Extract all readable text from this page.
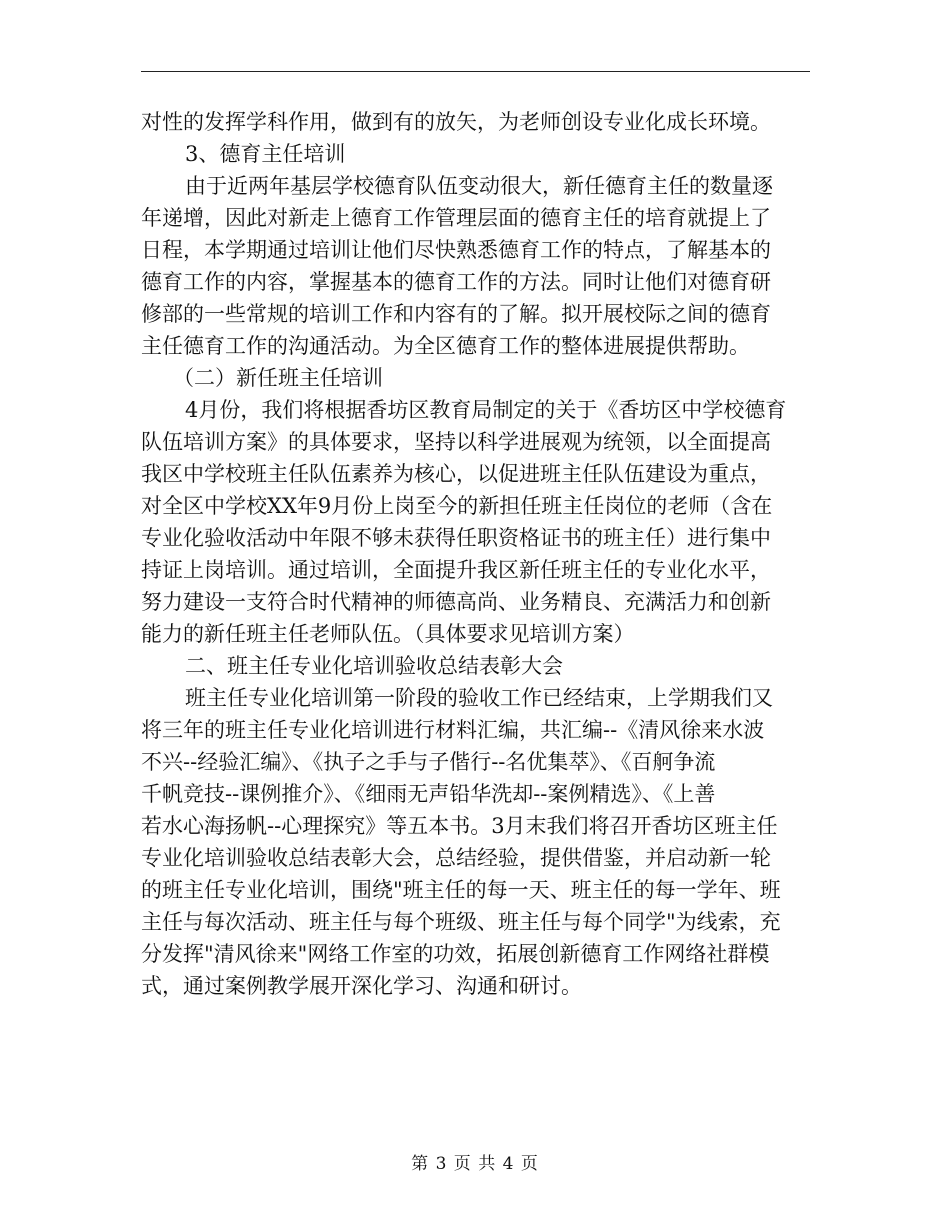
对性的发挥学科作用，做到有的放矢，为老师创设专业化成长环境。
3、德育主任培训
由于近两年基层学校德育队伍变动很大，新任德育主任的数量逐
年递增，因此对新走上德育工作管理层面的德育主任的培育就提上了
日程，本学期通过培训让他们尽快熟悉德育工作的特点，了解基本的
德育工作的内容，掌握基本的德育工作的方法。同时让他们对德育研
修部的一些常规的培训工作和内容有的了解。拟开展校际之间的德育
主任德育工作的沟通活动。为全区德育工作的整体进展提供帮助。
（二）新任班主任培训
4月份，我们将根据香坊区教育局制定的关于《香坊区中学校德育
队伍培训方案》的具体要求，坚持以科学进展观为统领，以全面提高
我区中学校班主任队伍素养为核心，以促进班主任队伍建设为重点，
对全区中学校XX年9月份上岗至今的新担任班主任岗位的老师（含在
专业化验收活动中年限不够未获得任职资格证书的班主任）进行集中
持证上岗培训。通过培训，全面提升我区新任班主任的专业化水平，
努力建设一支符合时代精神的师德高尚、业务精良、充满活力和创新
能力的新任班主任老师队伍。（具体要求见培训方案）
二、班主任专业化培训验收总结表彰大会
班主任专业化培训第一阶段的验收工作已经结束，上学期我们又
将三年的班主任专业化培训进行材料汇编，共汇编--《清风徐来水波
不兴--经验汇编》、《执子之手与子偕行--名优集萃》、《百舸争流
千帆竞技--课例推介》、《细雨无声铅华洗却--案例精选》、《上善
若水心海扬帆--心理探究》等五本书。3月末我们将召开香坊区班主任
专业化培训验收总结表彰大会，总结经验，提供借鉴，并启动新一轮
的班主任专业化培训，围绕"班主任的每一天、班主任的每一学年、班
主任与每次活动、班主任与每个班级、班主任与每个同学"为线索，充
分发挥"清风徐来"网络工作室的功效，拓展创新德育工作网络社群模
式，通过案例教学展开深化学习、沟通和研讨。
第 3 页 共 4 页
